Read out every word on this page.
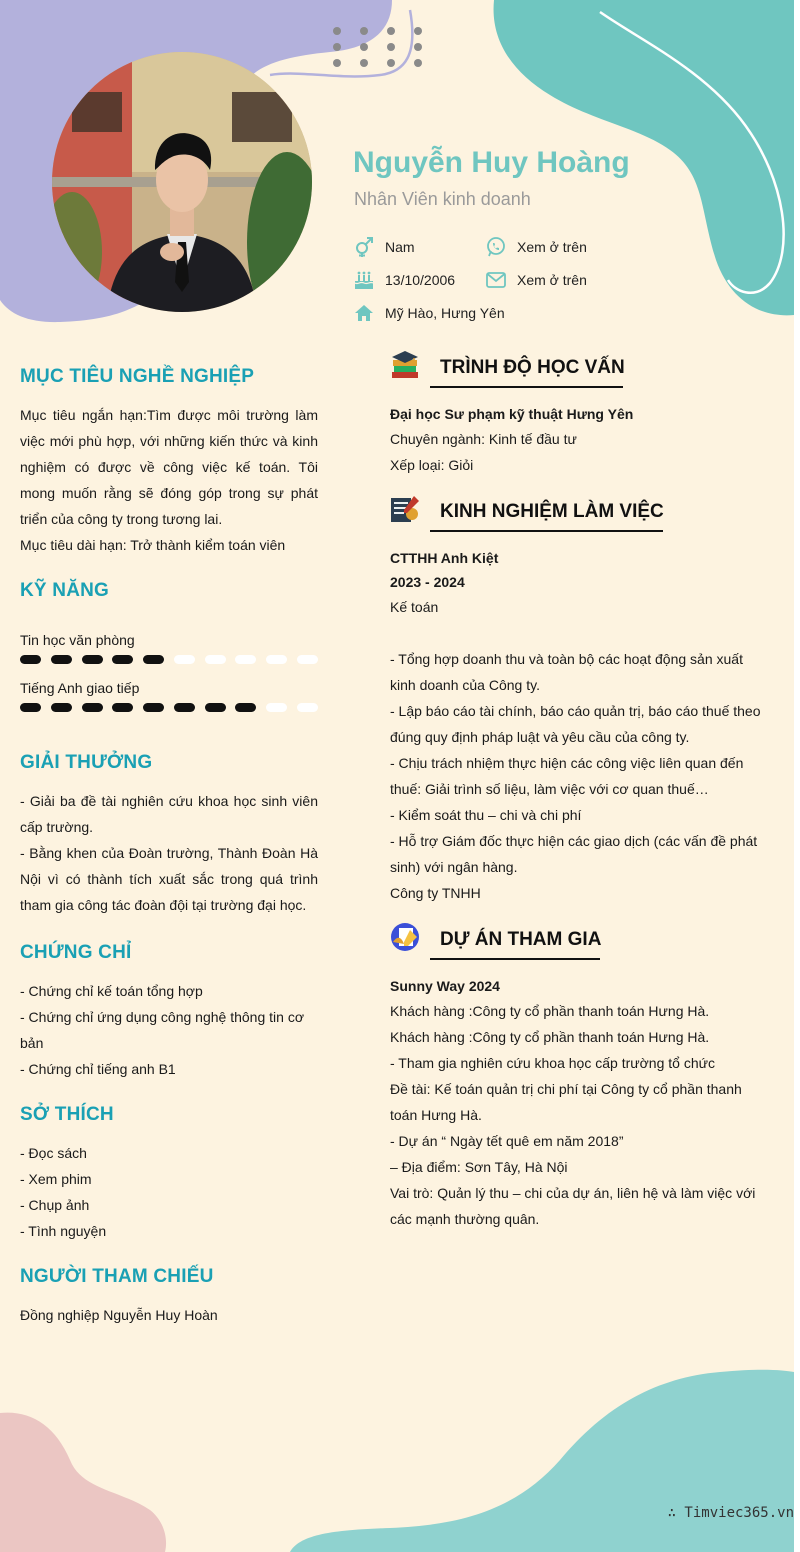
Nguyễn Huy Hoàng
Nhân Viên kinh doanh
Nam	Xem ở trên
13/10/2006	Xem ở trên
Mỹ Hào, Hưng Yên
MỤC TIÊU NGHỀ NGHIỆP

Mục tiêu ngắn hạn:Tìm được môi trường làm việc mới phù hợp, với những kiến thức và kinh nghiệm có được về công việc kế toán. Tôi mong muốn rằng sẽ đóng góp trong sự phát triển của công ty trong tương lai.

Mục tiêu dài hạn: Trở thành kiểm toán viên

KỸ NĂNG
Tin học văn phòng
Tiếng Anh giao tiếp
GIẢI THƯỞNG

- Giải ba đề tài nghiên cứu khoa học sinh viên cấp trường.

- Bằng khen của Đoàn trường, Thành Đoàn Hà Nội vì có thành tích xuất sắc trong quá trình tham gia công tác đoàn đội tại trường đại học.

CHỨNG CHỈ

- Chứng chỉ kế toán tổng hợp

- Chứng chỉ ứng dụng công nghệ thông tin cơ bản

- Chứng chỉ tiếng anh B1

SỞ THÍCH

- Đọc sách

- Xem phim

- Chụp ảnh

- Tình nguyện

NGƯỜI THAM CHIẾU

Đồng nghiệp Nguyễn Huy Hoàn

TRÌNH ĐỘ HỌC VẤN

Đại học Sư phạm kỹ thuật Hưng Yên

Chuyên ngành: Kinh tế đầu tư

Xếp loại: Giỏi

KINH NGHIỆM LÀM VIỆC

CTTHH Anh Kiệt

2023 - 2024

Kế toán

- Tổng hợp doanh thu và toàn bộ các hoạt động sản xuất kinh doanh của Công ty.

- Lập báo cáo tài chính, báo cáo quản trị, báo cáo thuế theo đúng quy định pháp luật và yêu cầu của công ty.

- Chịu trách nhiệm thực hiện các công việc liên quan đến thuế: Giải trình số liệu, làm việc với cơ quan thuế…

- Kiểm soát thu – chi và chi phí

- Hỗ trợ Giám đốc thực hiện các giao dịch (các vấn đề phát sinh) với ngân hàng.

Công ty TNHH

DỰ ÁN THAM GIA

Sunny Way 2024

Khách hàng :Công ty cổ phần thanh toán Hưng Hà.

Khách hàng :Công ty cổ phần thanh toán Hưng Hà.

- Tham gia nghiên cứu khoa học cấp trường tổ chức

Đề tài: Kế toán quản trị chi phí tại Công ty cổ phần thanh toán Hưng Hà.

- Dự án “ Ngày tết quê em năm 2018”

– Địa điểm: Sơn Tây, Hà Nội

Vai trò: Quản lý thu – chi của dự án, liên hệ và làm việc với các mạnh thường quân.

∴ Timviec365.vn
